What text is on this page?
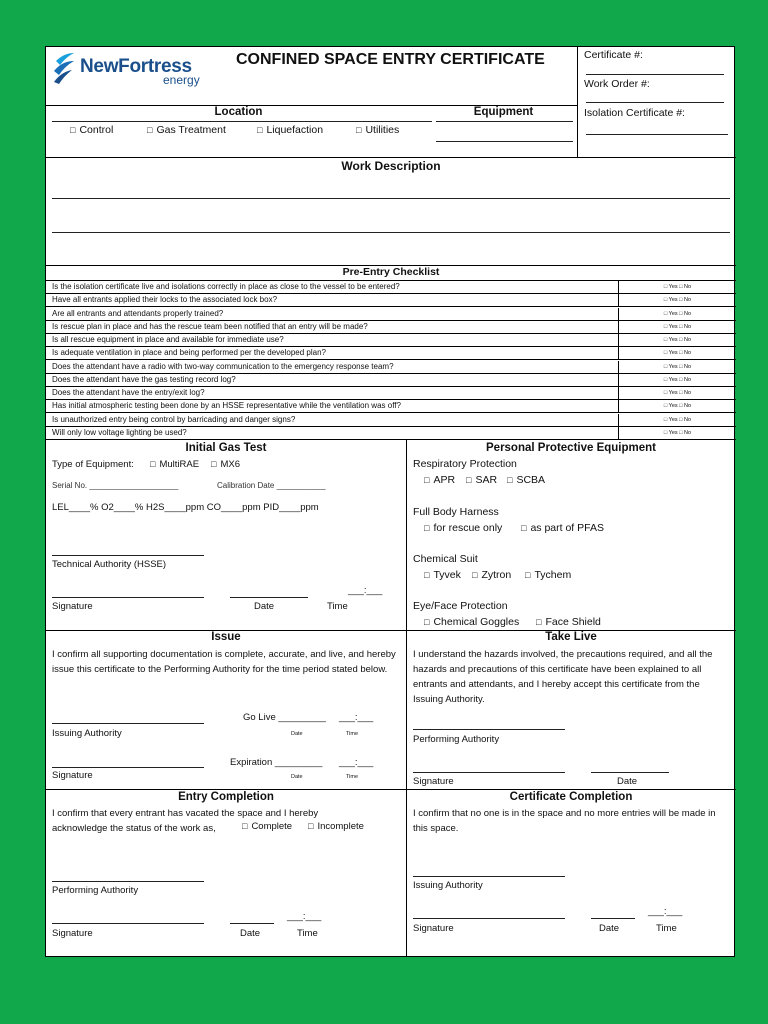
NewFortress
energy
CONFINED SPACE ENTRY CERTIFICATE	Certificate #:
Work Order #:
Isolation Certificate #:
Location
□ Control	□ Gas Treatment	□ Liquefaction	□ Utilities
Equipment
Work Description
Pre-Entry Checklist
Is the isolation certificate live and isolations correctly in place as close to the vessel to be entered?	□ Yes □ No
Have all entrants applied their locks to the associated lock box?	□ Yes □ No
Are all entrants and attendants properly trained?	□ Yes □ No
Is rescue plan in place and has the rescue team been notified that an entry will be made?	□ Yes □ No
Is all rescue equipment in place and available for immediate use?	□ Yes □ No
Is adequate ventilation in place and being performed per the developed plan?	□ Yes □ No
Does the attendant have a radio with two-way communication to the emergency response team?	□ Yes □ No
Does the attendant have the gas testing record log?	□ Yes □ No
Does the attendant have the entry/exit log?	□ Yes □ No
Has initial atmospheric testing been done by an HSSE representative while the ventilation was off?	□ Yes □ No
Is unauthorized entry being control by barricading and danger signs?	□ Yes □ No
Will only low voltage lighting be used?	□ Yes □ No
Initial Gas Test
Type of Equipment:	□ MultiRAE	□ MX6
Serial No. ____________________	Calibration Date ___________
LEL____% O2____% H2S____ppm CO____ppm PID____ppm
Technical Authority (HSSE)
___:___
Signature	Date	Time
Personal Protective Equipment
Respiratory Protection
□ APR	□ SAR	□ SCBA
Full Body Harness
□ for rescue only	□ as part of PFAS
Chemical Suit
□ Tyvek	□ Zytron	□ Tychem
Eye/Face Protection
□ Chemical Goggles	□ Face Shield
Issue
I confirm all supporting documentation is complete, accurate, and live, and hereby issue this certificate to the Performing Authority for the time period stated below.
Go Live _________ ___:___
Date	Time
Issuing Authority
Expiration _________ ___:___
Date	Time
Signature
Take Live
I understand the hazards involved, the precautions required, and all the hazards and precautions of this certificate have been explained to all entrants and attendants, and I hereby accept this certificate from the Issuing Authority.
Performing Authority
Signature	Date
Entry Completion
I confirm that every entrant has vacated the space and I hereby acknowledge the status of the work as,	□ Complete	□ Incomplete
Performing Authority
___:___
Signature	Date	Time
Certificate Completion
I confirm that no one is in the space and no more entries will be made in this space.
Issuing Authority
___:___
Signature	Date	Time
